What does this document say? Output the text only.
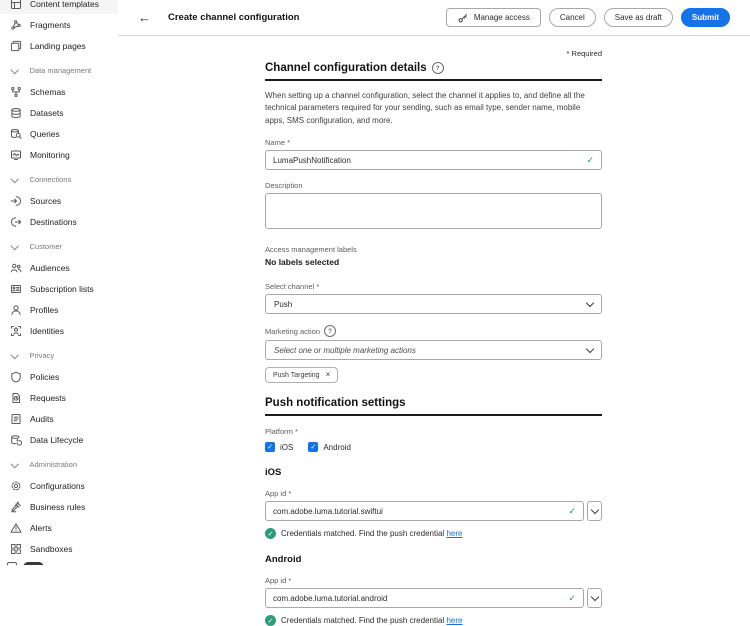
Content templates
Fragments
Landing pages
Data management
Schemas
Datasets
Queries
Monitoring
Connections
Sources
Destinations
Customer
Audiences
Subscription lists
Profiles
Identities
Privacy
Policies
Requests
Audits
Data Lifecycle
Administration
Configurations
Business rules
Alerts
Sandboxes
← Create channel configuration	Manage access	Cancel	Save as draft	Submit
* Required
Channel configuration details	?
When setting up a channel configuration, select the channel it applies to, and define all the technical parameters required for your sending, such as email type, sender name, mobile apps, SMS configuration, and more.
Name *
LumaPushNotification
✓
Description
Access management labels
No labels selected
Select channel *
Push
Marketing action	?
Select one or multiple marketing actions
Push Targeting ×
Push notification settings
Platform *
✓ iOS ✓ Android
iOS
App id *
com.adobe.luma.tutorial.swiftui
✓
✓ Credentials matched. Find the push credential here
Android
App id *
com.adobe.luma.tutorial.android
✓
✓ Credentials matched. Find the push credential here
